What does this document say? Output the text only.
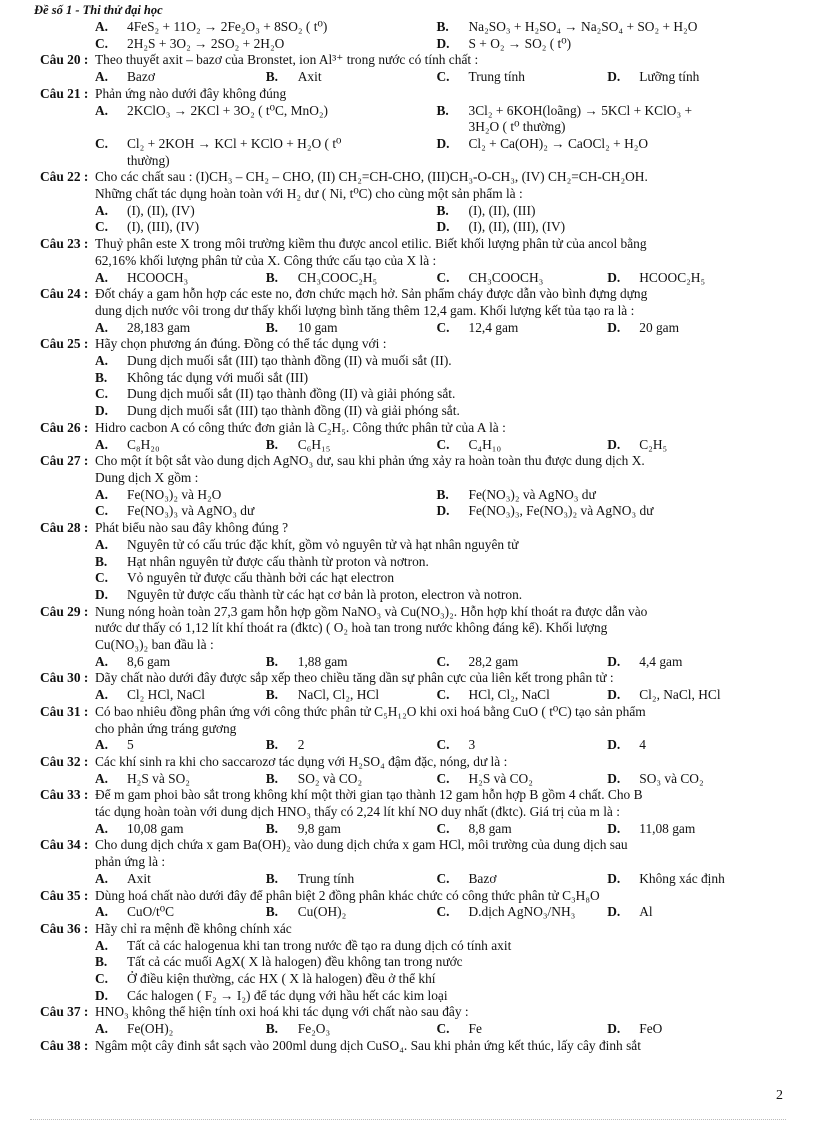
Đề số 1 - Thi thử đại học
A.	4FeS₂ + 11O₂ → 2Fe₂O₃ + 8SO₂ ( t⁰)	B.	Na₂SO₃ + H₂SO₄ → Na₂SO₄ + SO₂ + H₂O
C.	2H₂S + 3O₂ → 2SO₂ + 2H₂O	D.	S + O₂ → SO₂ ( t⁰)
Câu 20 : Theo thuyết axit – bazơ của Bronstet, ion Al³⁺ trong nước có tính chất :
A.	Bazơ	B.	Axit	C.	Trung tính	D.	Lưỡng tính
Câu 21 : Phản ứng nào dưới đây không đúng
A.	2KClO₃ → 2KCl + 3O₂ ( t⁰C, MnO₂)	B.	3Cl₂ + 6KOH(loãng) → 5KCl + KClO₃ +
3H₂O ( t⁰ thường)
C.	Cl₂ + 2KOH → KCl + KClO + H₂O ( t⁰	D.	Cl₂ + Ca(OH)₂ → CaOCl₂ + H₂O
thường)
Câu 22 : Cho các chất sau : (I)CH₃ – CH₂ – CHO, (II) CH₂=CH-CHO, (III)CH₃-O-CH₃, (IV) CH₂=CH-CH₂OH.
Những chất tác dụng hoàn toàn với H₂ dư ( Ni, t⁰C) cho cùng một sản phẩm là :
A.	(I), (II), (IV)	B.	(I), (II), (III)
C.	(I), (III), (IV)	D.	(I), (II), (III), (IV)
Câu 23 : Thuỷ phân este X trong môi trường kiềm thu được ancol etilic. Biết khối lượng phân tử của ancol bằng
62,16% khối lượng phân tử của X. Công thức cấu tạo của X là :
A.	HCOOCH₃	B.	CH₃COOC₂H₅	C.	CH₃COOCH₃	D.	HCOOC₂H₅
Câu 24 : Đốt cháy a gam hỗn hợp các este no, đơn chức mạch hở. Sản phẩm cháy được dẫn vào bình đựng dựng
dung dịch nước vôi trong dư thấy khối lượng bình tăng thêm 12,4 gam. Khối lượng kết tủa tạo ra là :
A.	28,183 gam	B.	10 gam	C.	12,4 gam	D.	20 gam
Câu 25 : Hãy chọn phương án đúng. Đồng có thể tác dụng với :
A.	Dung dịch muối sắt (III) tạo thành đồng (II) và muối sắt (II).
B.	Không tác dụng với muối sắt (III)
C.	Dung dịch muối sắt (II) tạo thành đồng (II) và giải phóng sắt.
D.	Dung dịch muối sắt (III) tạo thành đồng (II) và giải phóng sắt.
Câu 26 : Hidro cacbon A có công thức đơn giản là C₂H₅. Công thức phân tử của A là :
A.	C₈H₂₀	B.	C₆H₁₅	C.	C₄H₁₀	D.	C₂H₅
Câu 27 : Cho một ít bột sắt vào dung dịch AgNO₃ dư, sau khi phản ứng xảy ra hoàn toàn thu được dung dịch X.
Dung dịch X gồm :
A.	Fe(NO₃)₂ và H₂O	B.	Fe(NO₃)₂ và AgNO₃ dư
C.	Fe(NO₃)₃ và AgNO₃ dư	D.	Fe(NO₃)₃, Fe(NO₃)₂ và AgNO₃ dư
Câu 28 : Phát biểu nào sau đây không đúng ?
A.	Nguyên tử có cấu trúc đặc khít, gồm vỏ nguyên tử và hạt nhân nguyên tử
B.	Hạt nhân nguyên tử được cấu thành từ proton và nơtron.
C.	Vỏ nguyên tử được cấu thành bởi các hạt electron
D.	Nguyên tử được cấu thành từ các hạt cơ bản là proton, electron và notron.
Câu 29 : Nung nóng hoàn toàn 27,3 gam hỗn hợp gồm NaNO₃ và Cu(NO₃)₂. Hỗn hợp khí thoát ra được dẫn vào
nước dư thấy có 1,12 lít khí thoát ra (đktc) ( O₂ hoà tan trong nước không đáng kể). Khối lượng
Cu(NO₃)₂ ban đầu là :
A.	8,6 gam	B.	1,88 gam	C.	28,2 gam	D.	4,4 gam
Câu 30 : Dãy chất nào dưới đây được sắp xếp theo chiều tăng dần sự phân cực của liên kết trong phân tử :
A.	Cl₂ HCl, NaCl	B.	NaCl, Cl₂, HCl	C.	HCl, Cl₂, NaCl	D.	Cl₂, NaCl, HCl
Câu 31 : Có bao nhiêu đồng phân ứng với công thức phân tử C₅H₁₂O khi oxi hoá bằng CuO ( t⁰C) tạo sản phẩm
cho phản ứng tráng gương
A.	5	B.	2	C.	3	D.	4
Câu 32 : Các khí sinh ra khi cho saccarozơ tác dụng với H₂SO₄ đậm đặc, nóng, dư là :
A.	H₂S và SO₂	B.	SO₂ và CO₂	C.	H₂S và CO₂	D.	SO₃ và CO₂
Câu 33 : Để m gam phoi bào sắt trong không khí một thời gian tạo thành 12 gam hỗn hợp B gồm 4 chất. Cho B
tác dụng hoàn toàn với dung dịch HNO₃ thấy có 2,24 lít khí NO duy nhất (đktc). Giá trị của m là :
A.	10,08 gam	B.	9,8 gam	C.	8,8 gam	D.	11,08 gam
Câu 34 : Cho dung dịch chứa x gam Ba(OH)₂ vào dung dịch chứa x gam HCl, môi trường của dung dịch sau
phản ứng là :
A.	Axit	B.	Trung tính	C.	Bazơ	D.	Không xác định
Câu 35 : Dùng hoá chất nào dưới đây để phân biệt 2 đồng phân khác chức có công thức phân tử C₃H₈O
A.	CuO/t⁰C	B.	Cu(OH)₂	C.	D.dịch AgNO₃/NH₃	D.	Al
Câu 36 : Hãy chỉ ra mệnh đề không chính xác
A.	Tất cả các halogenua khi tan trong nước đề tạo ra dung dịch có tính axit
B.	Tất cả các muối AgX( X là halogen) đều không tan trong nước
C.	Ở điều kiện thường, các HX ( X là halogen) đều ở thể khí
D.	Các halogen ( F₂ → I₂) để tác dụng với hầu hết các kim loại
Câu 37 : HNO₃ không thể hiện tính oxi hoá khi tác dụng với chất nào sau đây :
A.	Fe(OH)₂	B.	Fe₂O₃	C.	Fe	D.	FeO
Câu 38 : Ngâm một cây đinh sắt sạch vào 200ml dung dịch CuSO₄. Sau khi phản ứng kết thúc, lấy cây đinh sắt
2
